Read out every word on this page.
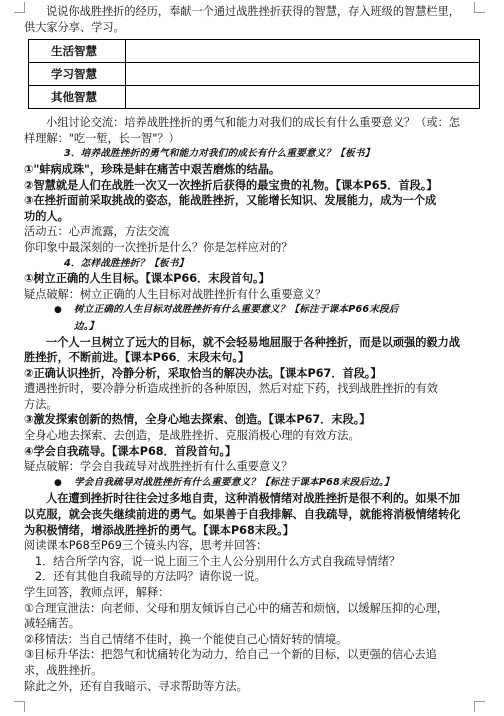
说说你战胜挫折的经历，奉献一个通过战胜挫折获得的智慧，存入班级的智慧栏里，

供大家分享、学习。

生活智慧	
学习智慧	
其他智慧	

小组讨论交流：培养战胜挫折的勇气和能力对我们的成长有什么重要意义？（或：怎

样理解："吃一堑，长一智"？）

3．培养战胜挫折的勇气和能力对我们的成长有什么重要意义？【板书】

①"蚌病成珠"，珍珠是蚌在痛苦中艰苦磨炼的结晶。

②智慧就是人们在战胜一次又一次挫折后获得的最宝贵的礼物。【课本P65．首段。】

③在挫折面前采取挑战的姿态，能战胜挫折，又能增长知识、发展能力，成为一个成

功的人。

活动五：心声流露，方法交流

你印象中最深刻的一次挫折是什么？你是怎样应对的？

4．怎样战胜挫折？【板书】

①树立正确的人生目标。【课本P66．末段首句。】

疑点破解：树立正确的人生目标对战胜挫折有什么重要意义？

● 树立正确的人生目标对战胜挫折有什么重要意义？【标注于课本P66末段后

边。】

一个人一旦树立了远大的目标，就不会轻易地屈服于各种挫折，而是以顽强的毅力战

胜挫折，不断前进。【课本P66．末段末句。】

②正确认识挫折，冷静分析，采取恰当的解决办法。【课本P67．首段。】

遭遇挫折时，要冷静分析造成挫折的各种原因，然后对症下药，找到战胜挫折的有效

方法。

③激发探索创新的热情，全身心地去探索、创造。【课本P67．末段。】

全身心地去探索、去创造，是战胜挫折、克服消极心理的有效方法。

④学会自我疏导。【课本P68．首段首句。】

疑点破解：学会自我疏导对战胜挫折有什么重要意义？

● 学会自我疏导对战胜挫折有什么重要意义？【标注于课本P68末段后边。】

人在遭到挫折时往往会过多地自责，这种消极情绪对战胜挫折是很不利的。如果不加

以克服，就会丧失继续前进的勇气。如果善于自我排解、自我疏导，就能将消极情绪转化

为积极情绪，增添战胜挫折的勇气。【课本P68末段。】

阅读课本P68至P69三个镜头内容，思考并回答：

1．结合所学内容，说一说上面三个主人公分别用什么方式自我疏导情绪？

2．还有其他自我疏导的方法吗？请你说一说。

学生回答，教师点评，解释：

①合理宣泄法：向老师、父母和朋友倾诉自己心中的痛苦和烦恼，以缓解压抑的心理，

减轻痛苦。

②移情法：当自己情绪不佳时，换一个能使自己心情好转的情境。

③目标升华法：把怨气和忧痛转化为动力，给自己一个新的目标，以更强的信心去追

求，战胜挫折。

除此之外，还有自我暗示、寻求帮助等方法。
